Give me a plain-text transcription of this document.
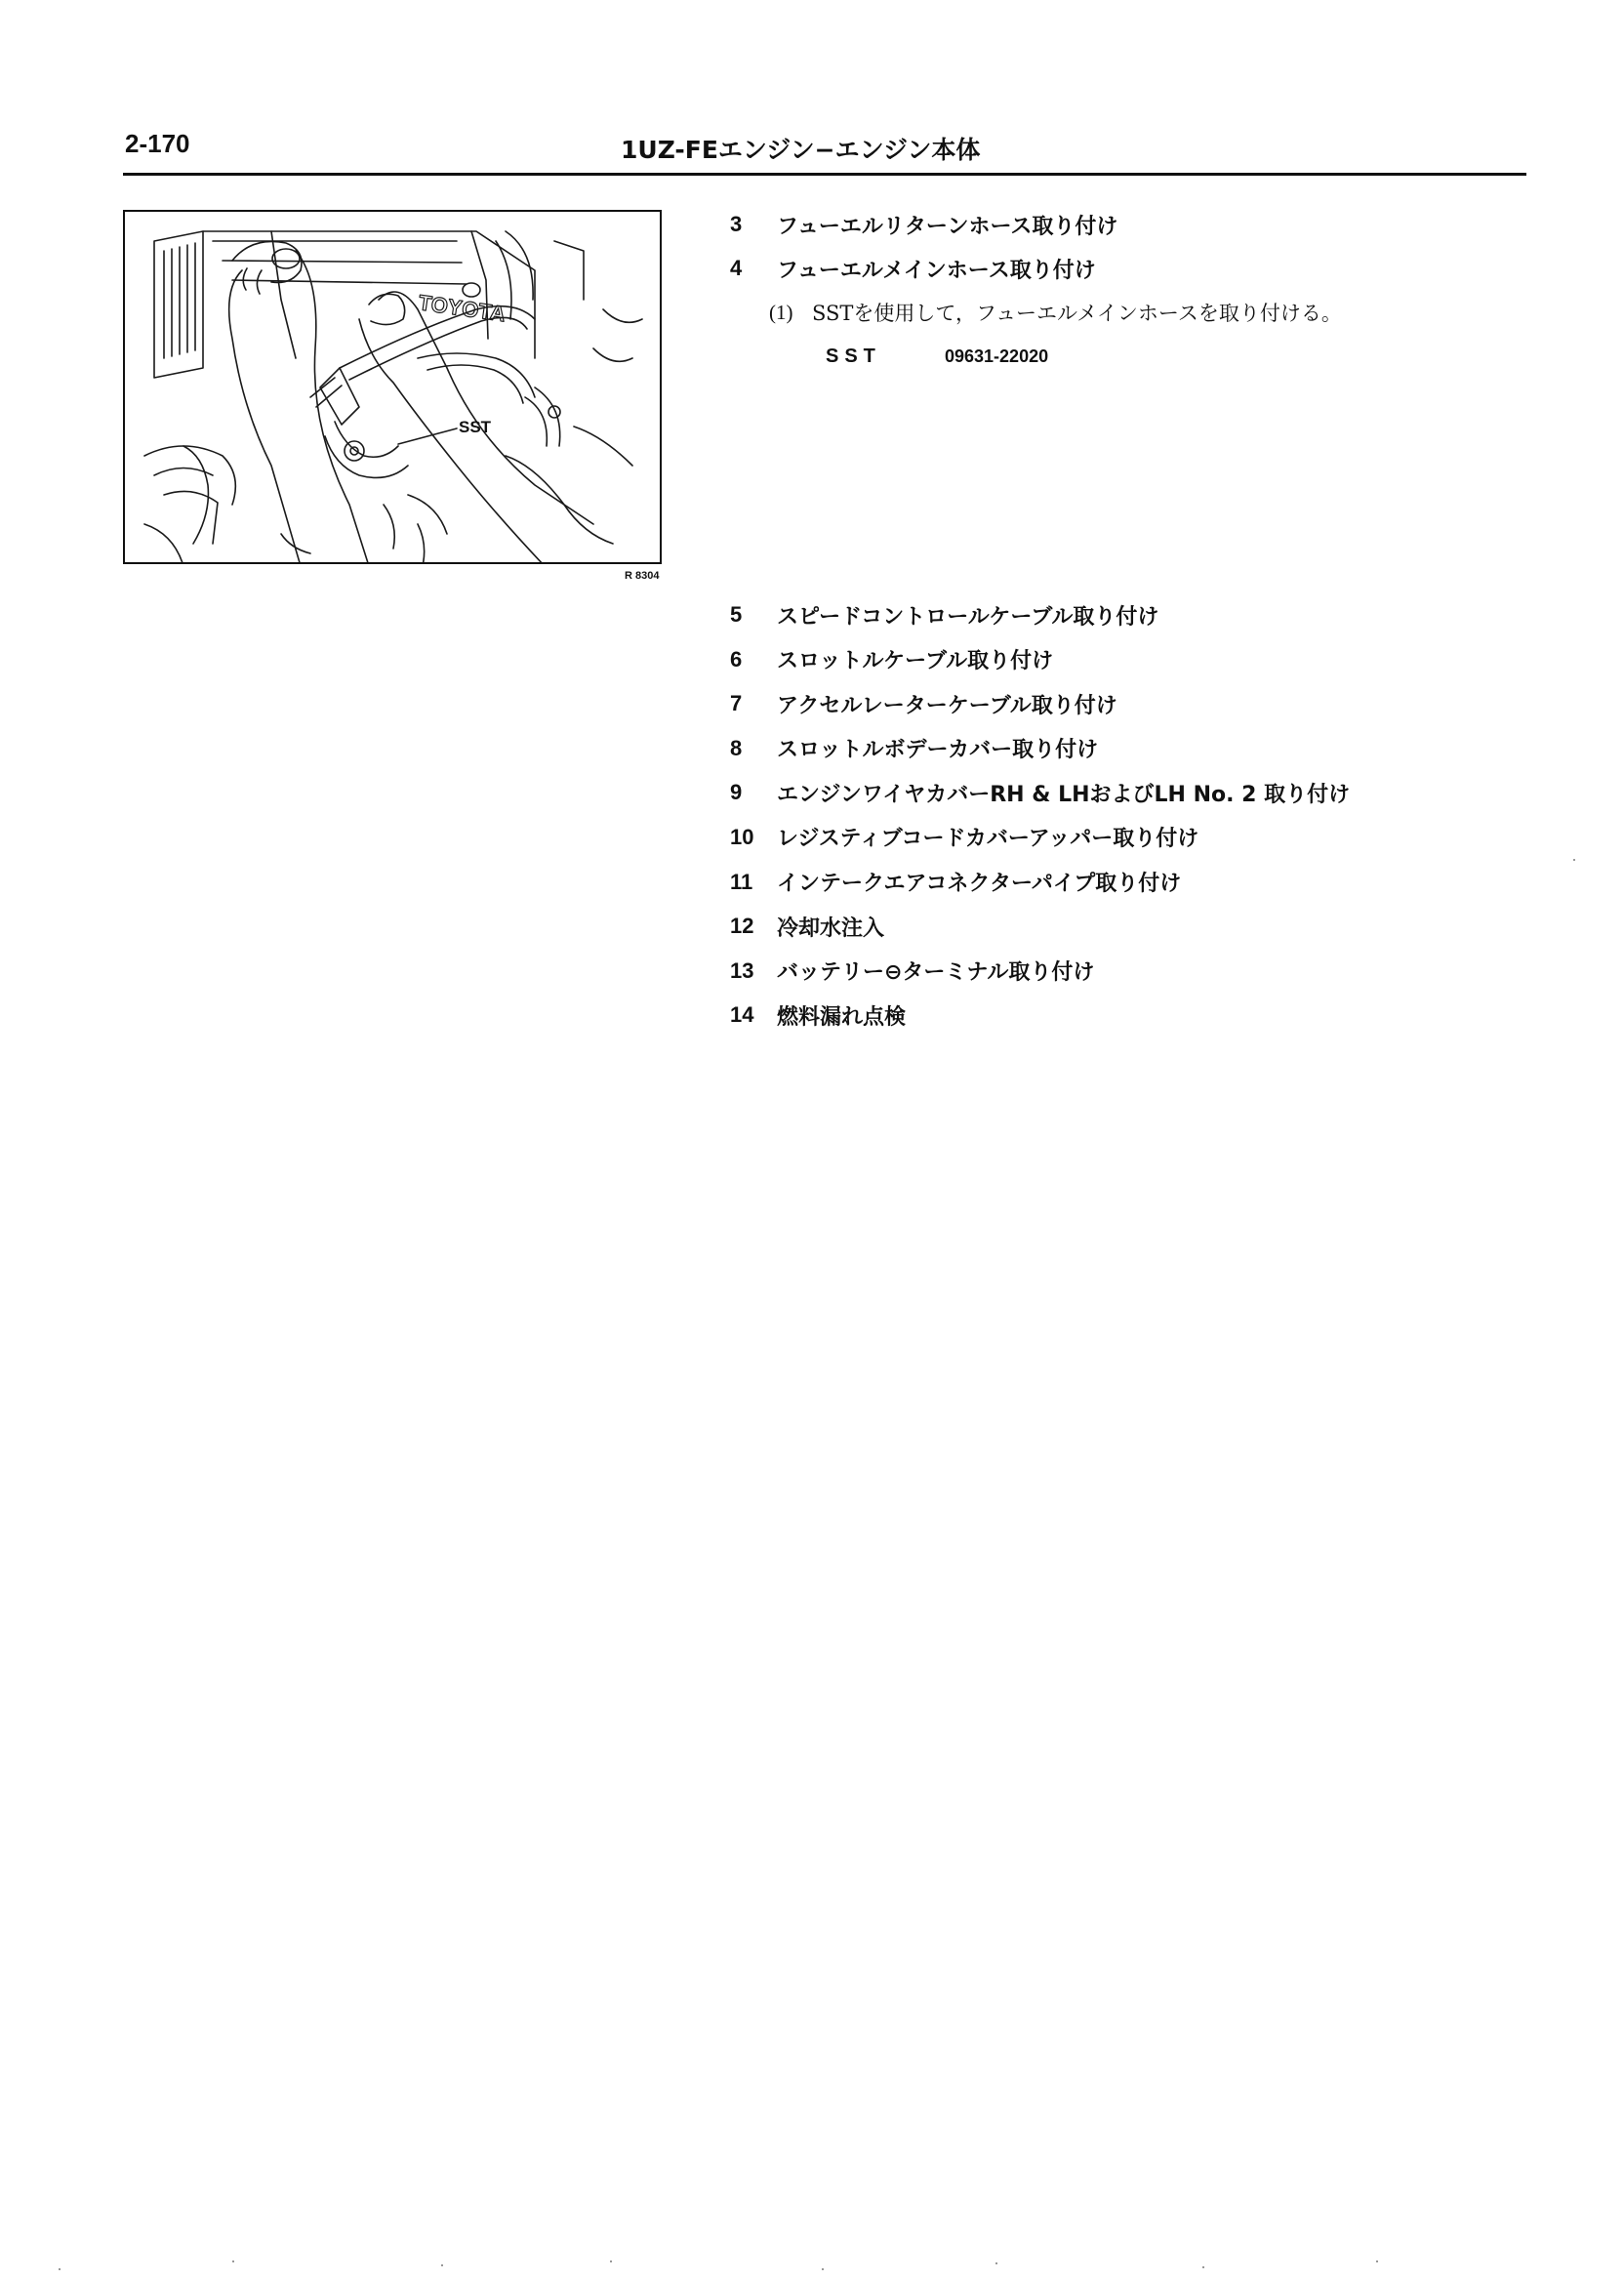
2-170	1UZ-FEエンジン−エンジン本体
TOYOTA
SST
R 8304
3	フューエルリターンホース取り付け
4	フューエルメインホース取り付け
(1) SSTを使用して，フューエルメインホースを取り付ける。
SST	09631-22020
5	スピードコントロールケーブル取り付け
6	スロットルケーブル取り付け
7	アクセルレーターケーブル取り付け
8	スロットルボデーカバー取り付け
9	エンジンワイヤカバーRH & LHおよびLH No. 2 取り付け
10	レジスティブコードカバーアッパー取り付け
11	インテークエアコネクターパイプ取り付け
12	冷却水注入
13	バッテリー⊖ターミナル取り付け
14	燃料漏れ点検
